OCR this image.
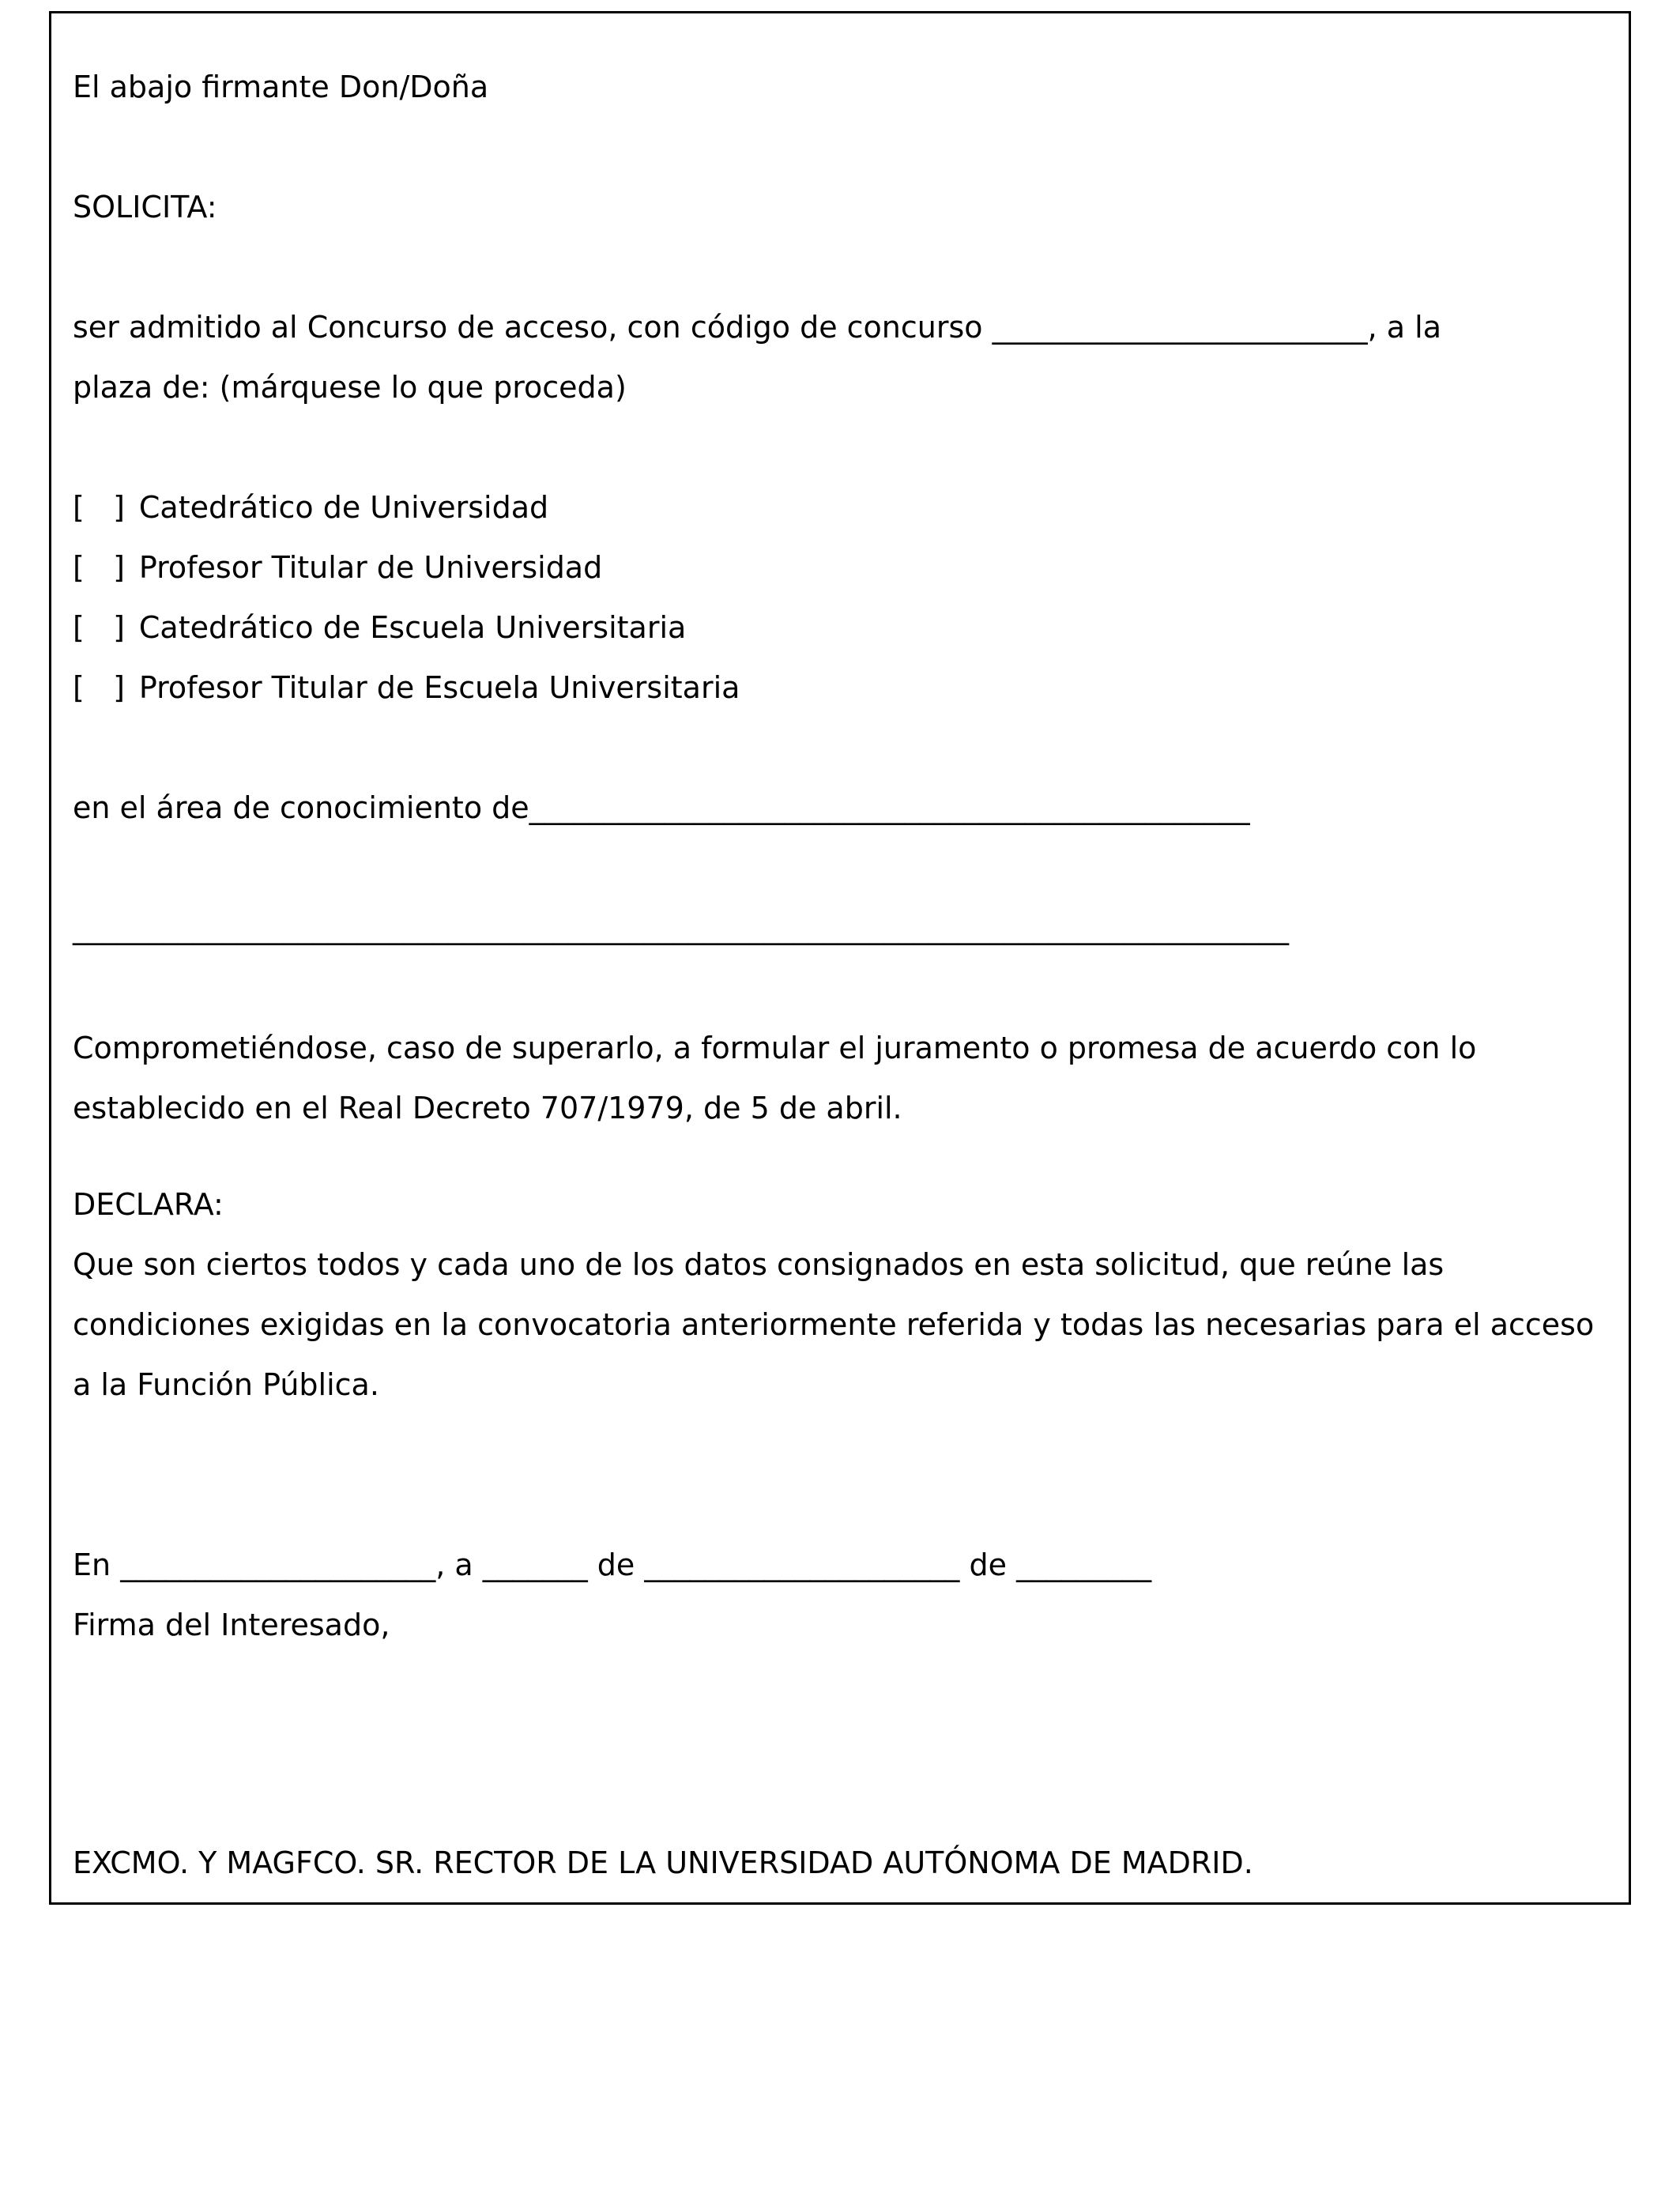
El abajo firmante Don/Doña

SOLICITA:

ser admitido al Concurso de acceso, con código de concurso _________________________, a la
plaza de: (márquese lo que proceda)

[   ] Catedrático de Universidad
[   ] Profesor Titular de Universidad
[   ] Catedrático de Escuela Universitaria
[   ] Profesor Titular de Escuela Universitaria

en el área de conocimiento de________________________________________________

_________________________________________________________________________________

Comprometiéndose, caso de superarlo, a formular el juramento o promesa de acuerdo con lo establecido en el Real Decreto 707/1979, de 5 de abril.

DECLARA:

Que son ciertos todos y cada uno de los datos consignados en esta solicitud, que reúne las condiciones exigidas en la convocatoria anteriormente referida y todas las necesarias para el acceso a la Función Pública.

En _____________________, a _______ de _____________________ de _________

Firma del Interesado,

EXCMO. Y MAGFCO. SR. RECTOR DE LA UNIVERSIDAD AUTÓNOMA DE MADRID.
